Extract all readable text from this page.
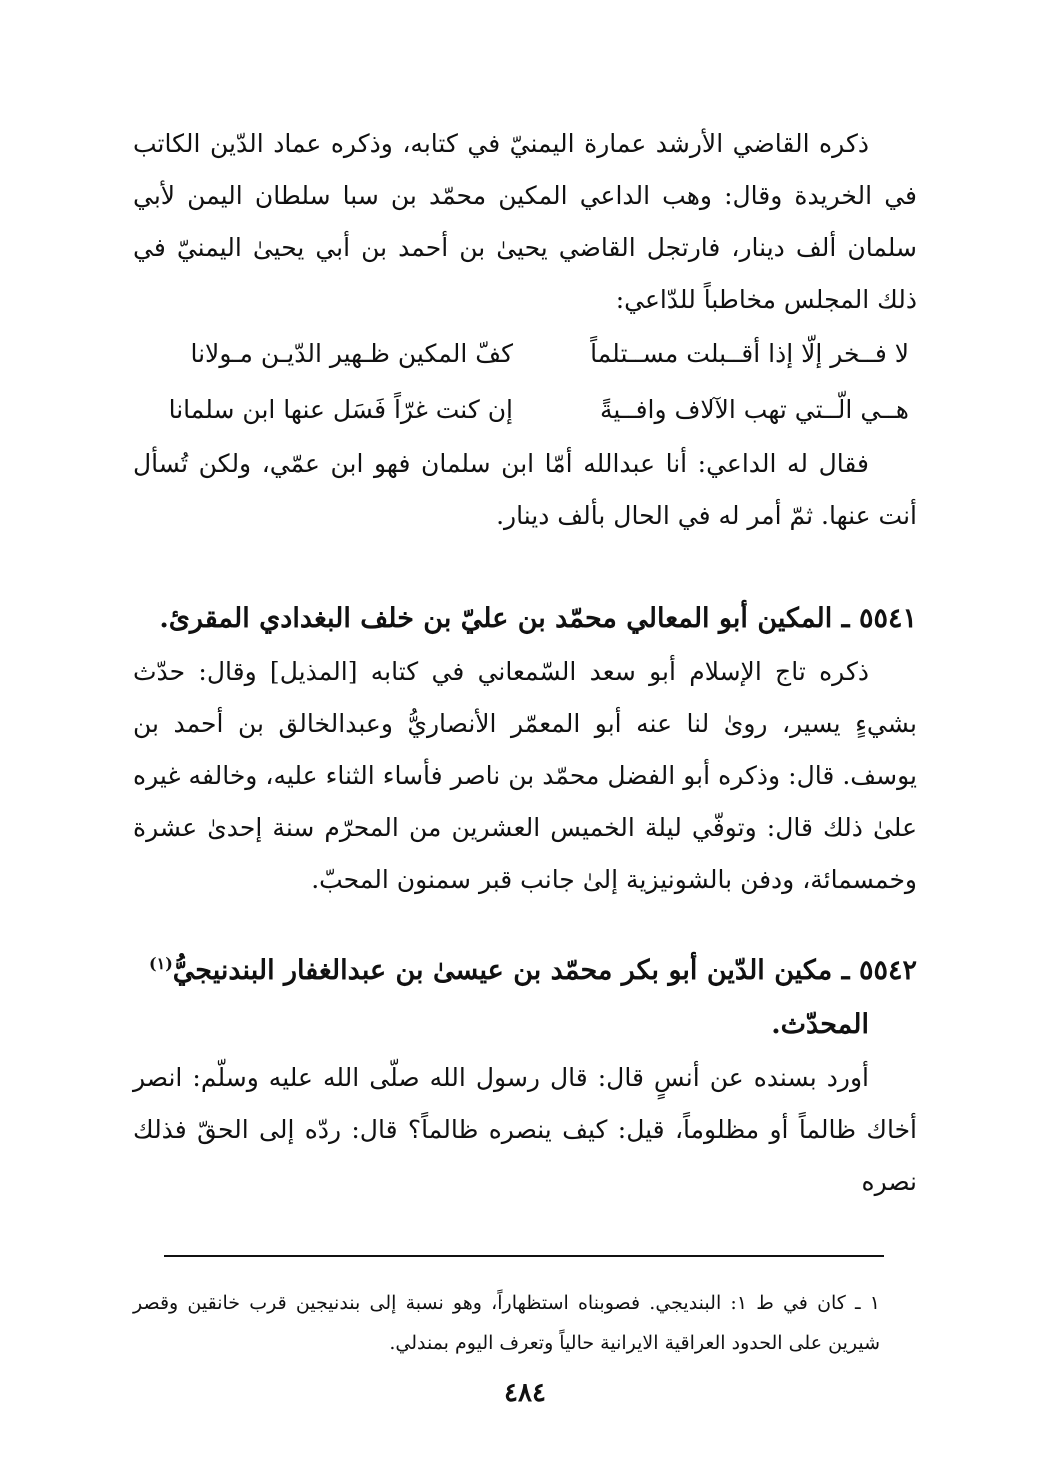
ذكره القاضي الأرشد عمارة اليمنيّ في كتابه، وذكره عماد الدّين الكاتب في الخريدة وقال: وهب الداعي المكين محمّد بن سبا سلطان اليمن لأبي سلمان ألف دينار، فارتجل القاضي يحيىٰ بن أحمد بن أبي يحيىٰ اليمنيّ في ذلك المجلس مخاطباً للدّاعي:

لا فــخر إلّا إذا أقــبلت مســتلماً
كفّ المكين ظـهير الدّيـن مـولانا
هــي الّــتي تهب الآلاف وافــيةً
إن كنت غرّاً فَسَل عنها ابن سلمانا

فقال له الداعي: أنا عبدالله أمّا ابن سلمان فهو ابن عمّي، ولكن تُسأل أنت عنها. ثمّ أمر له في الحال بألف دينار.

٥٥٤١ ـ المكين أبو المعالي محمّد بن عليّ بن خلف البغدادي المقرئ.

ذكره تاج الإسلام أبو سعد السّمعاني في كتابه [المذيل] وقال: حدّث بشيءٍ يسير، روىٰ لنا عنه أبو المعمّر الأنصاريُّ وعبدالخالق بن أحمد بن يوسف. قال: وذكره أبو الفضل محمّد بن ناصر فأساء الثناء عليه، وخالفه غيره علىٰ ذلك قال: وتوفّي ليلة الخميس العشرين من المحرّم سنة إحدىٰ عشرة وخمسمائة، ودفن بالشونيزية إلىٰ جانب قبر سمنون المحبّ.

٥٥٤٢ ـ مكين الدّين أبو بكر محمّد بن عيسىٰ بن عبدالغفار البندنيجيُّ$^{(١)}$
المحدّث.

أورد بسنده عن أنسٍ قال: قال رسول الله صلّى الله عليه وسلّم: انصر أخاك ظالماً أو مظلوماً، قيل: كيف ينصره ظالماً؟ قال: ردّه إلى الحقّ فذلك نصره

١ ـ كان في ط ١: البنديجي. فصوبناه استظهاراً، وهو نسبة إلى بندنيجين قرب خانقين وقصر شيرين على الحدود العراقية الايرانية حالياً وتعرف اليوم بمندلي.

٤٨٤
